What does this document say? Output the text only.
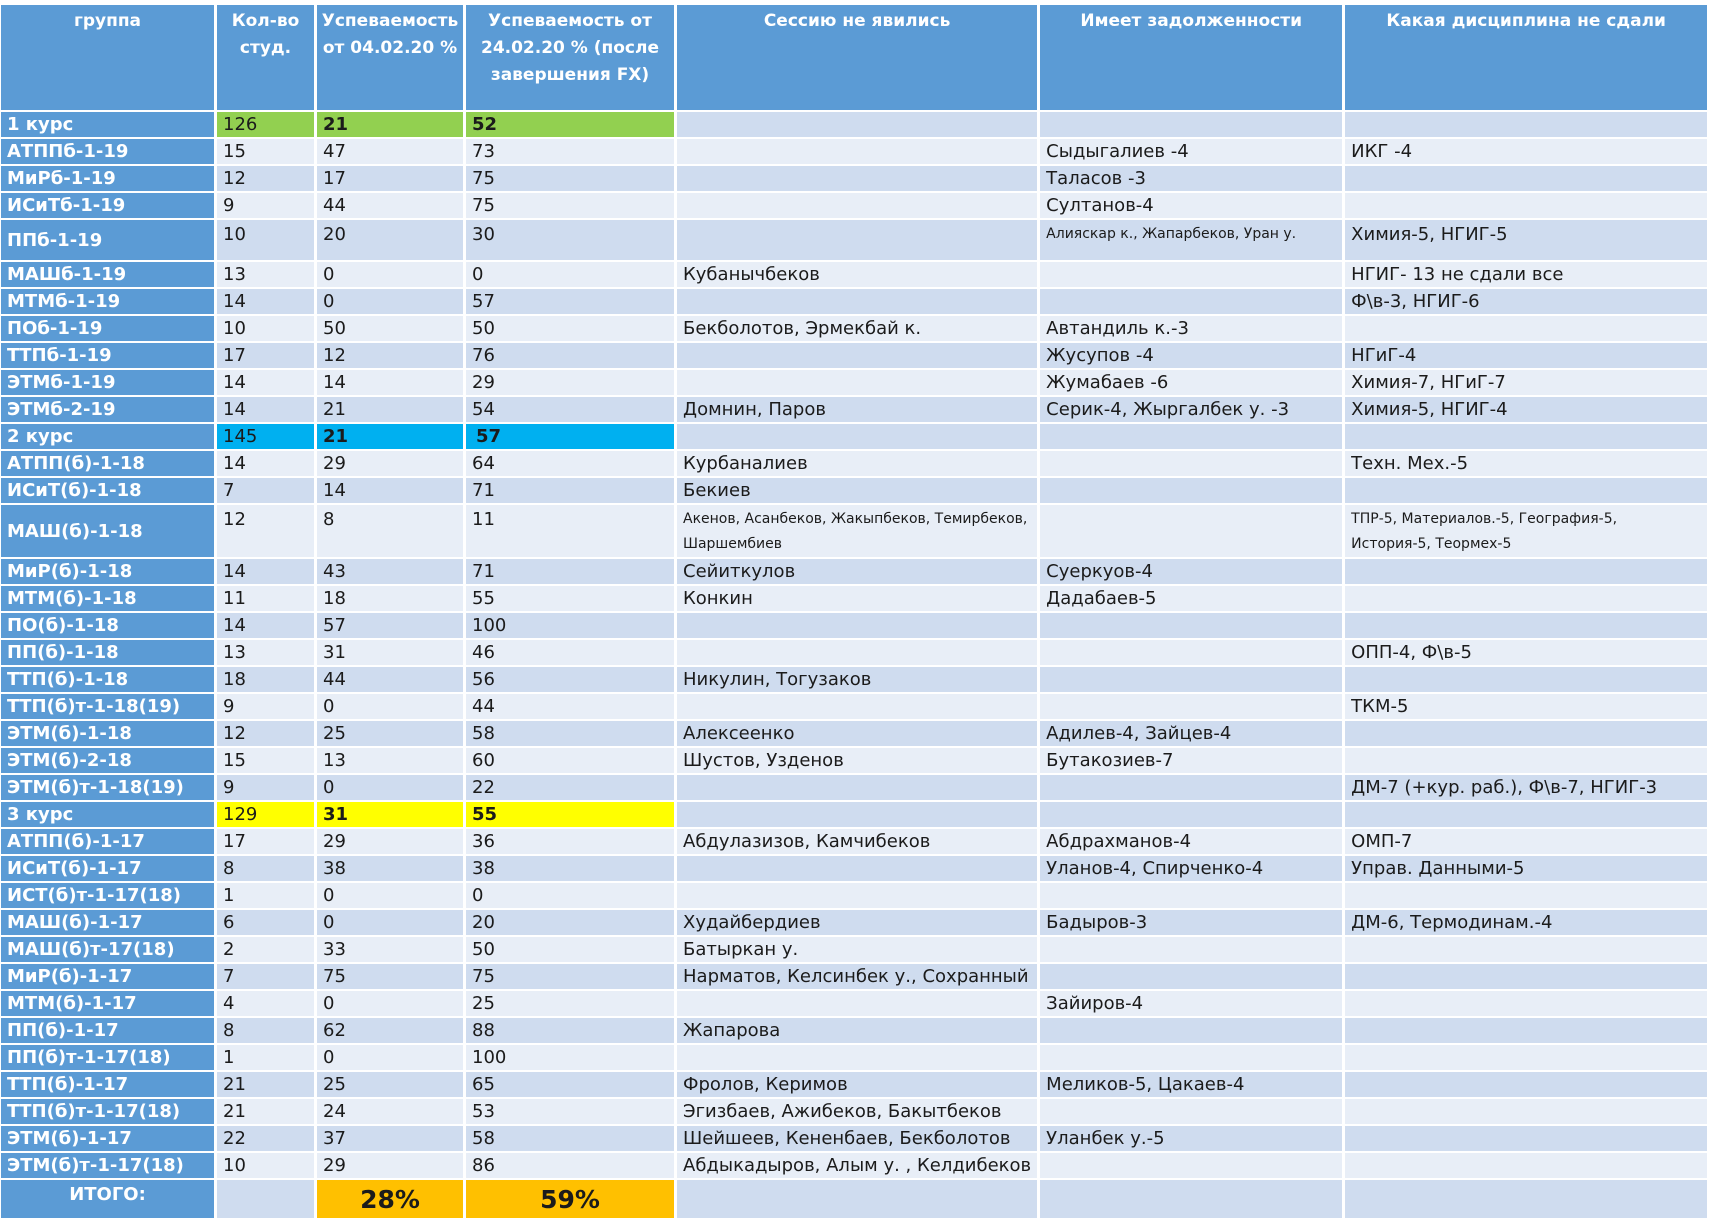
группа	Кол-во студ.	Успеваемость от 04.02.20 %	Успеваемость от 24.02.20 % (после завершения FX)	Сессию не явились	Имеет задолженности	Какая дисциплина не сдали
1 курс	126	21	52			
АТППб-1-19	15	47	73		Сыдыгалиев -4	ИКГ -4
МиРб-1-19	12	17	75		Таласов -3	
ИСиТб-1-19	9	44	75		Султанов-4	
ППб-1-19	10	20	30		Алияскар к., Жапарбеков, Уран у.	Химия-5, НГИГ-5
МАШб-1-19	13	0	0	Кубанычбеков		НГИГ- 13 не сдали все
МТМб-1-19	14	0	57			Ф\в-3, НГИГ-6
ПОб-1-19	10	50	50	Бекболотов, Эрмекбай к.	Автандиль к.-3	
ТТПб-1-19	17	12	76		Жусупов -4	НГиГ-4
ЭТМб-1-19	14	14	29		Жумабаев -6	Химия-7, НГиГ-7
ЭТМб-2-19	14	21	54	Домнин, Паров	Серик-4, Жыргалбек у. -3	Химия-5, НГИГ-4
2 курс	145	21	57			
АТПП(б)-1-18	14	29	64	Курбаналиев		Техн. Мех.-5
ИСиТ(б)-1-18	7	14	71	Бекиев		
МАШ(б)-1-18	12	8	11	Акенов, Асанбеков, Жакыпбеков, Темирбеков, Шаршембиев		ТПР-5, Материалов.-5, География-5, История-5, Теормех-5
МиР(б)-1-18	14	43	71	Сейиткулов	Суеркуов-4	
МТМ(б)-1-18	11	18	55	Конкин	Дадабаев-5	
ПО(б)-1-18	14	57	100			
ПП(б)-1-18	13	31	46			ОПП-4, Ф\в-5
ТТП(б)-1-18	18	44	56	Никулин, Тогузаков		
ТТП(б)т-1-18(19)	9	0	44			ТКМ-5
ЭТМ(б)-1-18	12	25	58	Алексеенко	Адилев-4, Зайцев-4	
ЭТМ(б)-2-18	15	13	60	Шустов, Узденов	Бутакозиев-7	
ЭТМ(б)т-1-18(19)	9	0	22			ДМ-7 (+кур. раб.), Ф\в-7, НГИГ-3
3 курс	129	31	55			
АТПП(б)-1-17	17	29	36	Абдулазизов, Камчибеков	Абдрахманов-4	ОМП-7
ИСиТ(б)-1-17	8	38	38		Уланов-4, Спирченко-4	Управ. Данными-5
ИСТ(б)т-1-17(18)	1	0	0			
МАШ(б)-1-17	6	0	20	Худайбердиев	Бадыров-3	ДМ-6, Термодинам.-4
МАШ(б)т-17(18)	2	33	50	Батыркан у.		
МиР(б)-1-17	7	75	75	Нарматов, Келсинбек у., Сохранный		
МТМ(б)-1-17	4	0	25		Зайиров-4	
ПП(б)-1-17	8	62	88	Жапарова		
ПП(б)т-1-17(18)	1	0	100			
ТТП(б)-1-17	21	25	65	Фролов, Керимов	Меликов-5, Цакаев-4	
ТТП(б)т-1-17(18)	21	24	53	Эгизбаев, Ажибеков, Бакытбеков		
ЭТМ(б)-1-17	22	37	58	Шейшеев, Кененбаев, Бекболотов	Уланбек у.-5	
ЭТМ(б)т-1-17(18)	10	29	86	Абдыкадыров, Алым у. , Келдибеков		
ИТОГО:		28%	59%			
